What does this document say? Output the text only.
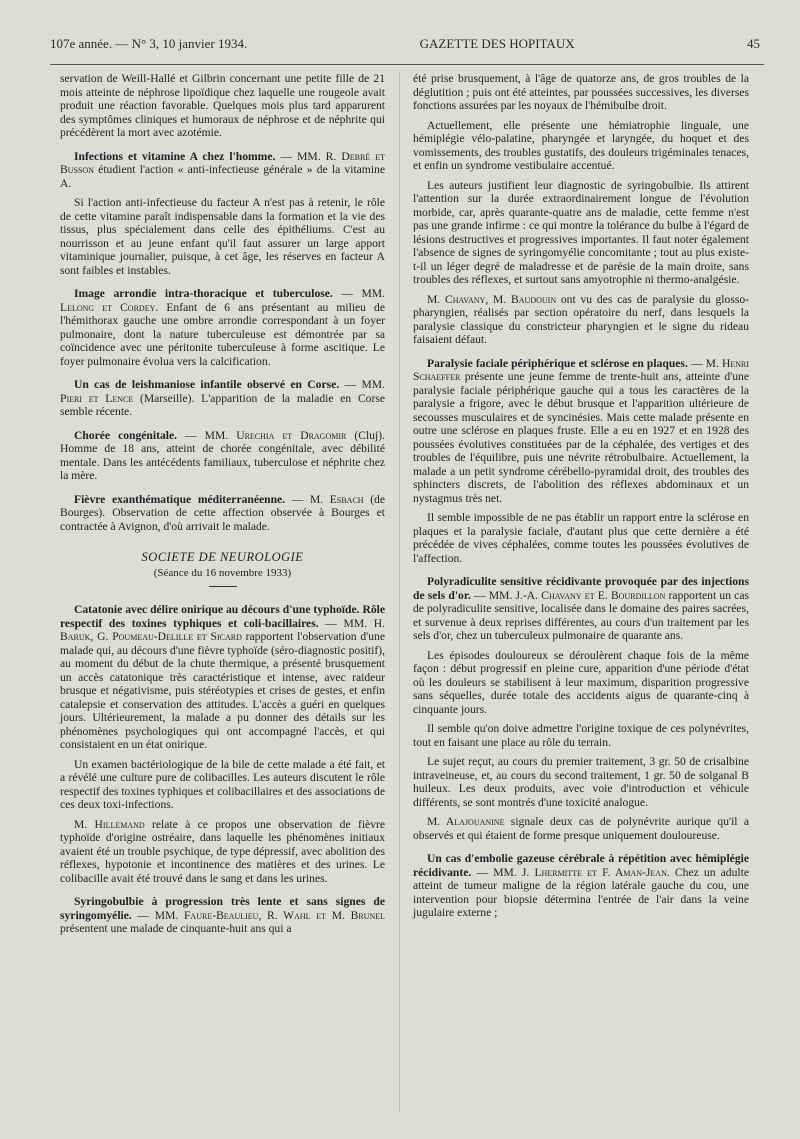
107e année. — N° 3, 10 janvier 1934.	GAZETTE DES HOPITAUX	45

servation de Weill-Hallé et Gilbrin concernant une petite fille de 21 mois atteinte de néphrose lipoïdique chez laquelle une rougeole avait produit une réaction favorable. Quelques mois plus tard apparurent des symptômes cliniques et humoraux de néphrose et de néphrite qui précédèrent la mort avec azotémie.

Infections et vitamine A chez l'homme. — MM. R. Debré et Busson étudient l'action « anti-infectieuse générale » de la vitamine A.

Si l'action anti-infectieuse du facteur A n'est pas à retenir, le rôle de cette vitamine paraît indispensable dans la formation et la vie des tissus, plus spécialement dans celle des épithéliums. C'est au nourrisson et au jeune enfant qu'il faut assurer un large apport vitaminique journalier, puisque, à cet âge, les réserves en facteur A sont faibles et instables.

Image arrondie intra-thoracique et tuberculose. — MM. Lelong et Cordey. Enfant de 6 ans présentant au milieu de l'hémithorax gauche une ombre arrondie correspondant à un foyer pulmonaire, dont la nature tuberculeuse est démontrée par sa coïncidence avec une péritonite tuberculeuse à forme ascitique. Le foyer pulmonaire évolua vers la calcification.

Un cas de leishmaniose infantile observé en Corse. — MM. Pieri et Lence (Marseille). L'apparition de la maladie en Corse semble récente.

Chorée congénitale. — MM. Urechia et Dragomir (Cluj). Homme de 18 ans, atteint de chorée congénitale, avec débilité mentale. Dans les antécédents familiaux, tuberculose et néphrite chez la mère.

Fièvre exanthématique méditerranéenne. — M. Esbach (de Bourges). Observation de cette affection observée à Bourges et contractée à Avignon, d'où arrivait le malade.

SOCIETE DE NEUROLOGIE
(Séance du 16 novembre 1933)

Catatonie avec délire onirique au décours d'une typhoïde. Rôle respectif des toxines typhiques et coli-bacillaires. — MM. H. Baruk, G. Poumeau-Delille et Sicard rapportent l'observation d'une malade qui, au décours d'une fièvre typhoïde (séro-diagnostic positif), au moment du début de la chute thermique, a présenté brusquement un accès catatonique très caractéristique et intense, avec raideur brusque et négativisme, puis stéréotypies et crises de gestes, et enfin catalepsie et conservation des attitudes. L'accès a guéri en quelques jours. Ultérieurement, la malade a pu donner des détails sur les phénomènes psychologiques qui ont accompagné l'accès, et qui consistaient en un état onirique.

Un examen bactériologique de la bile de cette malade a été fait, et a révélé une culture pure de colibacilles. Les auteurs discutent le rôle respectif des toxines typhiques et colibacillaires et des associations de ces deux toxi-infections.

M. Hillemand relate à ce propos une observation de fièvre typhoïde d'origine ostréaire, dans laquelle les phénomènes initiaux avaient été un trouble psychique, de type dépressif, avec abolition des réflexes, hypotonie et incontinence des matières et des urines. Le colibacille avait été trouvé dans le sang et dans les urines.

Syringobulbie à progression très lente et sans signes de syringomyélie. — MM. Faure-Beaulieu, R. Wahl et M. Brunel présentent une malade de cinquante-huit ans qui a

été prise brusquement, à l'âge de quatorze ans, de gros troubles de la déglutition ; puis ont été atteintes, par poussées successives, les diverses fonctions assurées par les noyaux de l'hémibulbe droit.

Actuellement, elle présente une hémiatrophie linguale, une hémiplégie vélo-palatine, pharyngée et laryngée, du hoquet et des vomissements, des troubles gustatifs, des douleurs trigéminales tenaces, et enfin un syndrome vestibulaire accentué.

Les auteurs justifient leur diagnostic de syringobulbie. Ils attirent l'attention sur la durée extraordinairement longue de l'évolution morbide, car, après quarante-quatre ans de maladie, cette femme n'est pas une grande infirme : ce qui montre la tolérance du bulbe à l'égard de lésions destructives et progressives importantes. Il faut noter également l'absence de signes de syringomyélie concomitante ; tout au plus existe-t-il un léger degré de maladresse et de parésie de la main droite, sans troubles des réflexes, et surtout sans amyotrophie ni thermo-analgésie.

M. Chavany, M. Baudouin ont vu des cas de paralysie du glosso-pharyngien, réalisés par section opératoire du nerf, dans lesquels la paralysie classique du constricteur pharyngien et le signe du rideau faisaient défaut.

Paralysie faciale périphérique et sclérose en plaques. — M. Henri Schaeffer présente une jeune femme de trente-huit ans, atteinte d'une paralysie faciale périphérique gauche qui a tous les caractères de la paralysie a frigore, avec le début brusque et l'apparition ultérieure de secousses musculaires et de syncinésies. Mais cette malade présente en outre une sclérose en plaques fruste. Elle a eu en 1927 et en 1928 des poussées évolutives constituées par de la céphalée, des vertiges et des troubles de l'équilibre, puis une névrite rétrobulbaire. Actuellement, la malade a un petit syndrome cérébello-pyramidal droit, des troubles des sphincters discrets, de l'abolition des réflexes abdominaux et un nystagmus très net.

Il semble impossible de ne pas établir un rapport entre la sclérose en plaques et la paralysie faciale, d'autant plus que cette dernière a été précédée de vives céphalées, comme toutes les poussées évolutives de l'affection.

Polyradiculite sensitive récidivante provoquée par des injections de sels d'or. — MM. J.-A. Chavany et E. Bourdillon rapportent un cas de polyradiculite sensitive, localisée dans le domaine des paires sacrées, et survenue à deux reprises différentes, au cours d'un traitement par les sels d'or, chez un tuberculeux pulmonaire de quarante ans.

Les épisodes douloureux se déroulèrent chaque fois de la même façon : début progressif en pleine cure, apparition d'une période d'état où les douleurs se stabilisent à leur maximum, disparition progressive sans séquelles, durée totale des accidents aigus de quarante-cinq à cinquante jours.

Il semble qu'on doive admettre l'origine toxique de ces polynévrites, tout en faisant une place au rôle du terrain.

Le sujet reçut, au cours du premier traitement, 3 gr. 50 de crisalbine intraveineuse, et, au cours du second traitement, 1 gr. 50 de solganal B huileux. Les deux produits, avec voie d'introduction et véhicule différents, se sont montrés d'une toxicité analogue.

M. Alajouanine signale deux cas de polynévrite aurique qu'il a observés et qui étaient de forme presque uniquement douloureuse.

Un cas d'embolie gazeuse cérébrale à répétition avec hémiplégie récidivante. — MM. J. Lhermitte et F. Aman-Jean. Chez un adulte atteint de tumeur maligne de la région latérale gauche du cou, une intervention pour biopsie détermina l'entrée de l'air dans la veine jugulaire externe ;
